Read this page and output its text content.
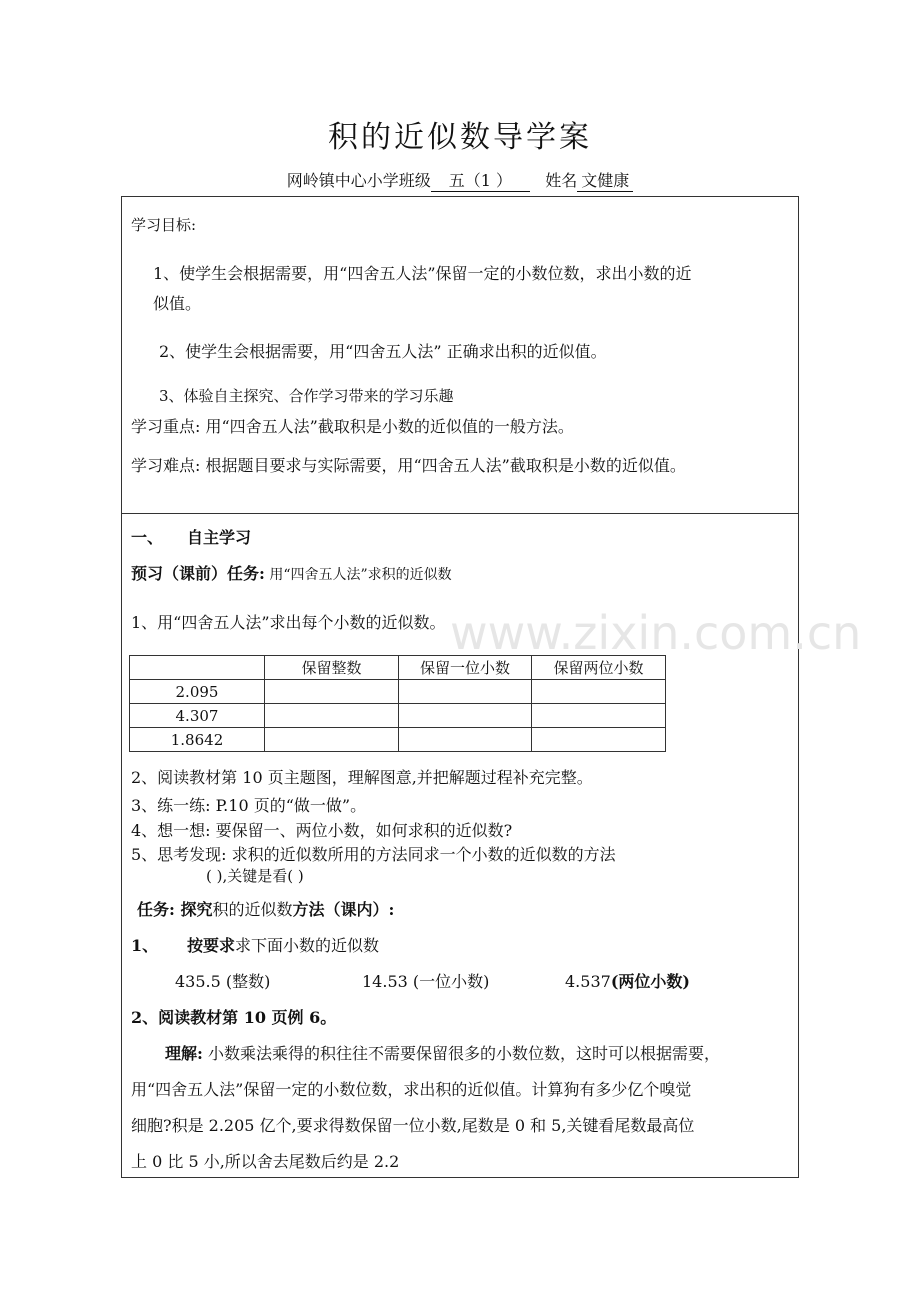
积的近似数导学案
网岭镇中心小学班级 五（1 ） 姓名 文健康
www.zixin.com.cn
学习目标:
1、使学生会根据需要，用“四舍五人法”保留一定的小数位数，求出小数的近
似值。
2、使学生会根据需要，用“四舍五人法” 正确求出积的近似值。
3、体验自主探究、合作学习带来的学习乐趣
学习重点: 用“四舍五人法”截取积是小数的近似值的一般方法。
学习难点: 根据题目要求与实际需要，用“四舍五人法”截取积是小数的近似值。
一、 自主学习
预习（课前）任务: 用“四舍五人法”求积的近似数
1、用“四舍五人法”求出每个小数的近似数。
	保留整数	保留一位小数	保留两位小数
2.095			
4.307			
1.8642			
2、阅读教材第 10 页主题图，理解图意,并把解题过程补充完整。
3、练一练: P.10 页的“做一做”。
4、想一想: 要保留一、两位小数，如何求积的近似数?
5、思考发现: 求积的近似数所用的方法同求一个小数的近似数的方法
( ),关键是看( )
任务: 探究积的近似数方法（课内）:
1、 按要求求下面小数的近似数
435.5 (整数)	14.53 (一位小数)	4.537(两位小数)
2、阅读教材第 10 页例 6。
理解: 小数乘法乘得的积往往不需要保留很多的小数位数，这时可以根据需要，
用“四舍五人法”保留一定的小数位数，求出积的近似值。计算狗有多少亿个嗅觉
细胞?积是 2.205 亿个,要求得数保留一位小数,尾数是 0 和 5,关键看尾数最高位
上 0 比 5 小,所以舍去尾数后约是 2.2
